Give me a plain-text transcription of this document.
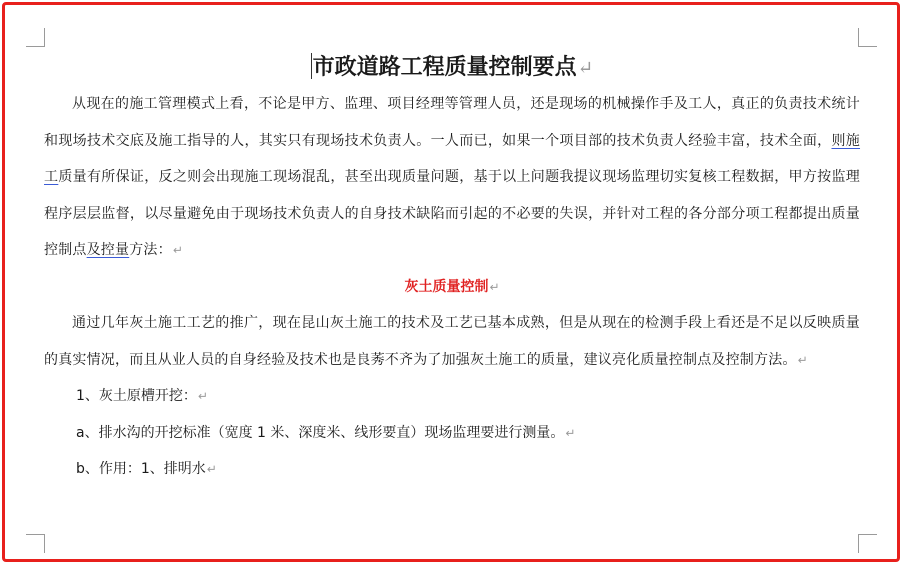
市政道路工程质量控制要点↵

从现在的施工管理模式上看，不论是甲方、监理、项目经理等管理人员，还是现场的机械操作手及工人，真正的负责技术统计和现场技术交底及施工指导的人，其实只有现场技术负责人。一人而已，如果一个项目部的技术负责人经验丰富，技术全面，则施工质量有所保证，反之则会出现施工现场混乱，甚至出现质量问题，基于以上问题我提议现场监理切实复核工程数据，甲方按监理程序层层监督，以尽量避免由于现场技术负责人的自身技术缺陷而引起的不必要的失误，并针对工程的各分部分项工程都提出质量控制点及控量方法：↵

灰土质量控制↵

通过几年灰土施工工艺的推广，现在昆山灰土施工的技术及工艺已基本成熟，但是从现在的检测手段上看还是不足以反映质量的真实情况，而且从业人员的自身经验及技术也是良莠不齐为了加强灰土施工的质量，建议亮化质量控制点及控制方法。↵

1、灰土原槽开挖：↵

a、排水沟的开挖标准（宽度 1 米、深度米、线形要直）现场监理要进行测量。↵

b、作用：1、排明水↵
